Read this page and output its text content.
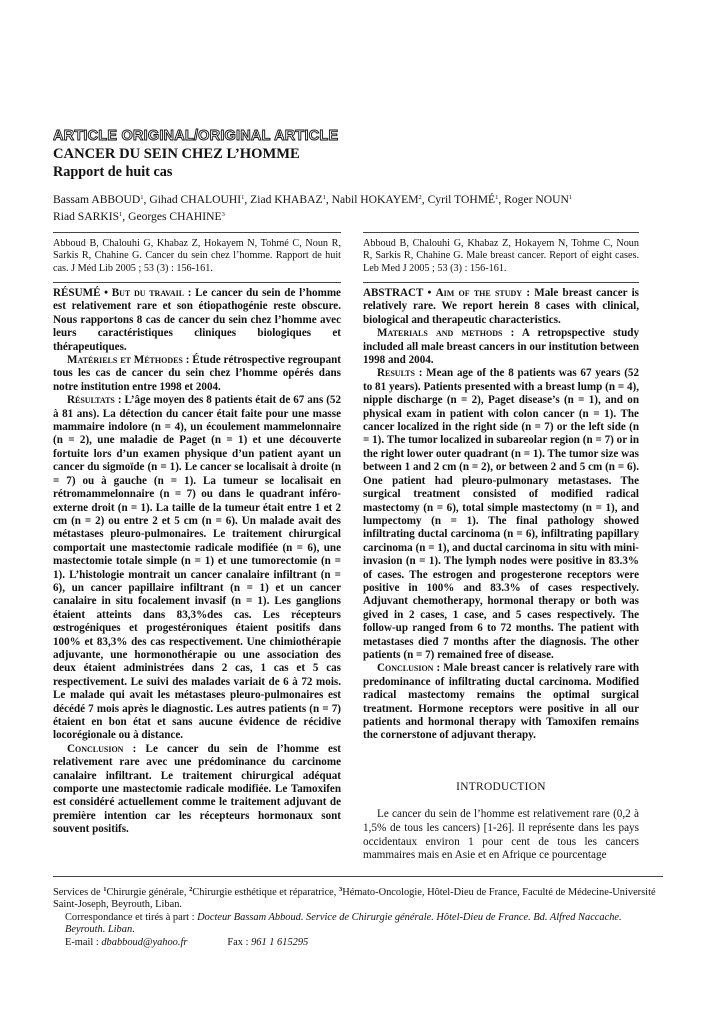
ARTICLE ORIGINAL/ORIGINAL ARTICLE
CANCER DU SEIN CHEZ L’HOMME
Rapport de huit cas
Bassam ABBOUD$^1$, Gihad CHALOUHI$^1$, Ziad KHABAZ$^1$, Nabil HOKAYEM$^2$, Cyril TOHMÉ$^1$, Roger NOUN$^1$
Riad SARKIS$^1$, Georges CHAHINE$^3$
Abboud B, Chalouhi G, Khabaz Z, Hokayem N, Tohmé C, Noun R, Sarkis R, Chahine G. Cancer du sein chez l’homme. Rapport de huit cas. J Méd Lib 2005 ; 53 (3) : 156-161.
Abboud B, Chalouhi G, Khabaz Z, Hokayem N, Tohme C, Noun R, Sarkis R, Chahine G. Male breast cancer. Report of eight cases. Leb Med J 2005 ; 53 (3) : 156-161.

RÉSUMÉ • But du travail : Le cancer du sein de l’homme est relativement rare et son étiopathogénie reste obscure. Nous rapportons 8 cas de cancer du sein chez l’homme avec leurs caractéristiques cliniques biologiques et thérapeutiques.

Matériels et Méthodes : Étude rétrospective regroupant tous les cas de cancer du sein chez l’homme opérés dans notre institution entre 1998 et 2004.

Résultats : L’âge moyen des 8 patients était de 67 ans (52 à 81 ans). La détection du cancer était faite pour une masse mammaire indolore (n = 4), un écoulement mammelonnaire (n = 2), une maladie de Paget (n = 1) et une découverte fortuite lors d’un examen physique d’un patient ayant un cancer du sigmoïde (n = 1). Le cancer se localisait à droite (n = 7) ou à gauche (n = 1). La tumeur se localisait en rétromammelonnaire (n = 7) ou dans le quadrant inféro-externe droit (n = 1). La taille de la tumeur était entre 1 et 2 cm (n = 2) ou entre 2 et 5 cm (n = 6). Un malade avait des métastases pleuro-pulmonaires. Le traitement chirurgical comportait une mastectomie radicale modifiée (n = 6), une mastectomie totale simple (n = 1) et une tumorectomie (n = 1). L’histologie montrait un cancer canalaire infiltrant (n = 6), un cancer papillaire infiltrant (n = 1) et un cancer canalaire in situ focalement invasif (n = 1). Les ganglions étaient atteints dans 83,3%des cas. Les récepteurs œstrogéniques et progestéroniques étaient positifs dans 100% et 83,3% des cas respectivement. Une chimiothérapie adjuvante, une hormonothérapie ou une association des deux étaient administrées dans 2 cas, 1 cas et 5 cas respectivement. Le suivi des malades variait de 6 à 72 mois. Le malade qui avait les métastases pleuro-pulmonaires est décédé 7 mois après le diagnostic. Les autres patients (n = 7) étaient en bon état et sans aucune évidence de récidive locorégionale ou à distance.

Conclusion : Le cancer du sein de l’homme est relativement rare avec une prédominance du carcinome canalaire infiltrant. Le traitement chirurgical adéquat comporte une mastectomie radicale modifiée. Le Tamoxifen est considéré actuellement comme le traitement adjuvant de première intention car les récepteurs hormonaux sont souvent positifs.

ABSTRACT • Aim of the study : Male breast cancer is relatively rare. We report herein 8 cases with clinical, biological and therapeutic characteristics.

Materials and methods : A retropspective study included all male breast cancers in our institution between 1998 and 2004.

Results : Mean age of the 8 patients was 67 years (52 to 81 years). Patients presented with a breast lump (n = 4), nipple discharge (n = 2), Paget disease’s (n = 1), and on physical exam in patient with colon cancer (n = 1). The cancer localized in the right side (n = 7) or the left side (n = 1). The tumor localized in subareolar region (n = 7) or in the right lower outer quadrant (n = 1). The tumor size was between 1 and 2 cm (n = 2), or between 2 and 5 cm (n = 6). One patient had pleuro-pulmonary metastases. The surgical treatment consisted of modified radical mastectomy (n = 6), total simple mastectomy (n = 1), and lumpectomy (n = 1). The final pathology showed infiltrating ductal carcinoma (n = 6), infiltrating papillary carcinoma (n = 1), and ductal carcinoma in situ with mini-invasion (n = 1). The lymph nodes were positive in 83.3% of cases. The estrogen and progesterone receptors were positive in 100% and 83.3% of cases respectively. Adjuvant chemotherapy, hormonal therapy or both was gived in 2 cases, 1 case, and 5 cases respectively. The follow-up ranged from 6 to 72 months. The patient with metastases died 7 months after the diagnosis. The other patients (n = 7) remained free of disease.

Conclusion : Male breast cancer is relatively rare with predominance of infiltrating ductal carcinoma. Modified radical mastectomy remains the optimal surgical treatment. Hormone receptors were positive in all our patients and hormonal therapy with Tamoxifen remains the cornerstone of adjuvant therapy.

INTRODUCTION
Le cancer du sein de l’homme est relativement rare (0,2 à 1,5% de tous les cancers) [1-26]. Il représente dans les pays occidentaux environ 1 pour cent de tous les cancers mammaires mais en Asie et en Afrique ce pourcentage
Services de $^1$Chirurgie générale, $^2$Chirurgie esthétique et réparatrice, $^3$Hémato-Oncologie, Hôtel-Dieu de France, Faculté de Médecine-Université Saint-Joseph, Beyrouth, Liban.
Correspondance et tirés à part : Docteur Bassam Abboud. Service de Chirurgie générale. Hôtel-Dieu de France. Bd. Alfred Naccache. Beyrouth. Liban.
E-mail : dbabboud@yahoo.fr	Fax : 961 1 615295
